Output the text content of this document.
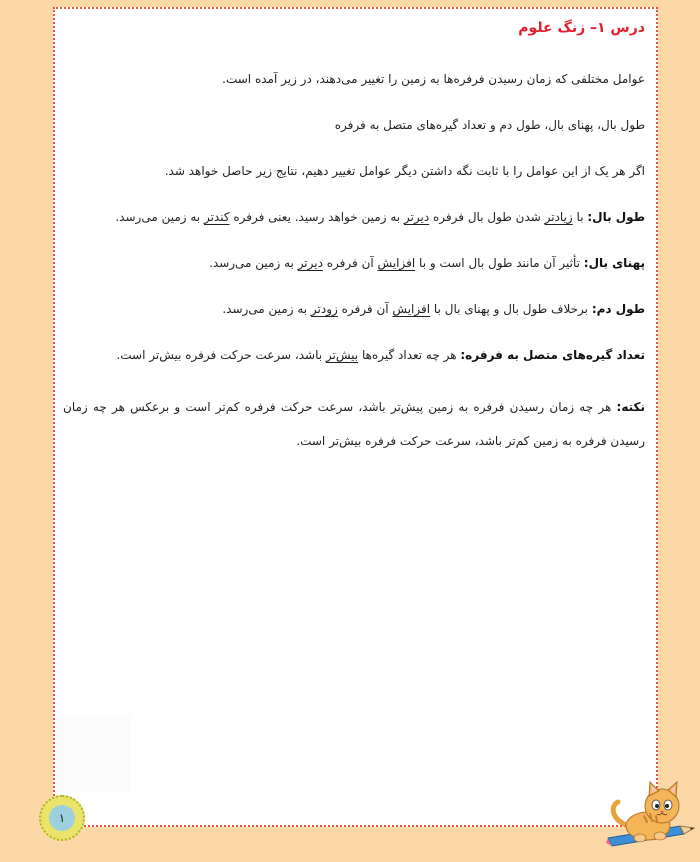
درس ۱– زنگ علوم

عوامل مختلفی که زمان رسیدن فرفره‌ها به زمین را تغییر می‌دهند، در زیر آمده است.

طول بال، پهنای بال، طول دم و تعداد گیره‌های متصل به فرفره

اگر هر یک از این عوامل را با ثابت نگه داشتن دیگر عوامل تغییر دهیم، نتایج زیر حاصل خواهد شد.

طول بال: با زیادتر شدن طول بال فرفره دیرتر به زمین خواهد رسید. یعنی فرفره کندتر به زمین می‌رسد.

پهنای بال: تأثیر آن مانند طول بال است و با افزایش آن فرفره دیرتر به زمین می‌رسد.

طول دم: برخلاف طول بال و پهنای بال با افزایش آن فرفره زودتر به زمین می‌رسد.

تعداد گیره‌های متصل به فرفره: هر چه تعداد گیره‌ها بیش‌تر باشد، سرعت حرکت فرفره بیش‌تر است.

نکته: هر چه زمان رسیدن فرفره به زمین پیش‌تر باشد، سرعت حرکت فرفره کم‌تر است و برعکس هر چه زمان رسیدن فرفره به زمین کم‌تر باشد، سرعت حرکت فرفره بیش‌تر است.

۱
